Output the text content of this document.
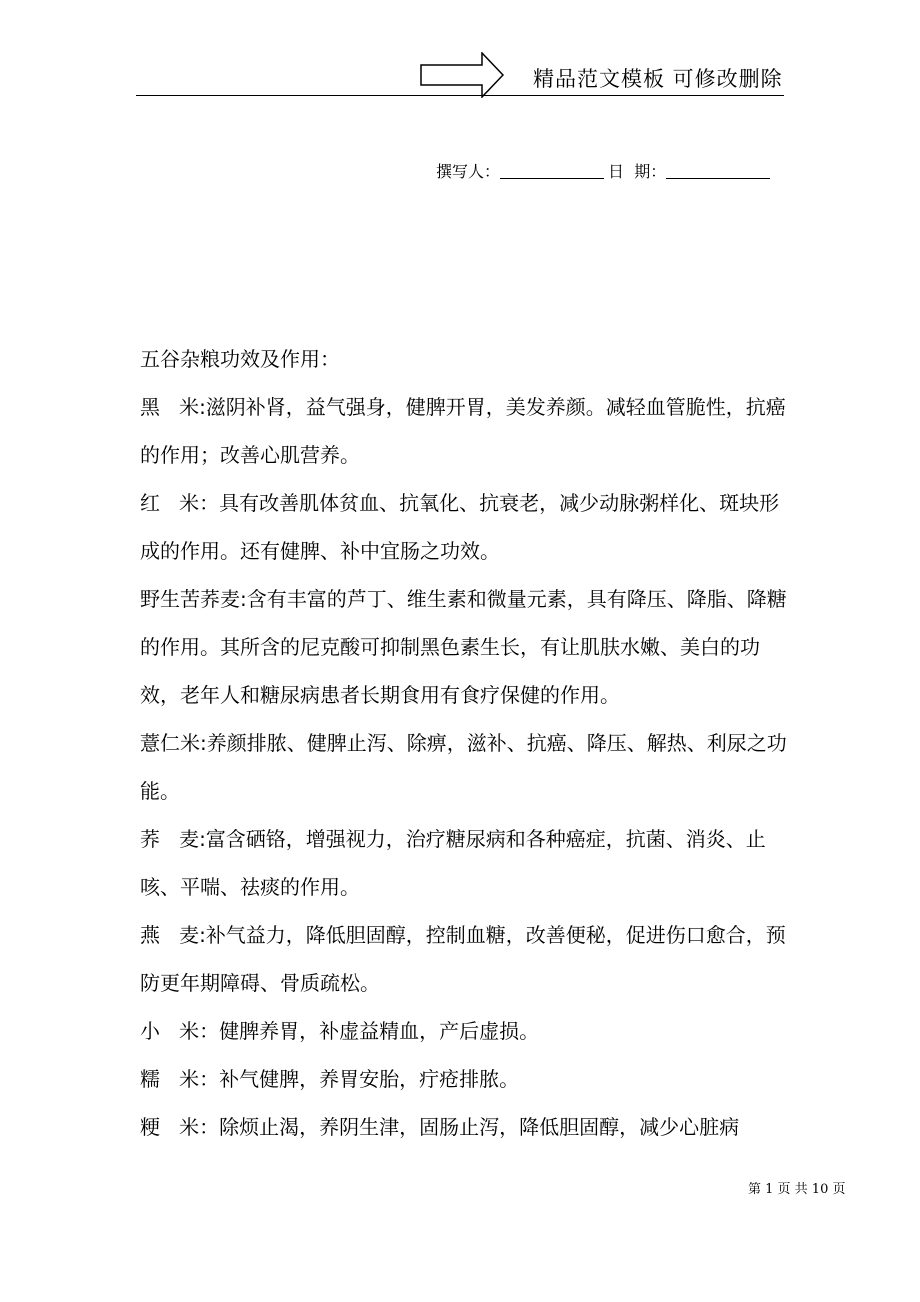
精品范文模板 可修改删除
撰写人：	日  期：

五谷杂粮功效及作用：

黑   米:滋阴补肾，益气强身，健脾开胃，美发养颜。减轻血管脆性，抗癌的作用；改善心肌营养。

红   米：具有改善肌体贫血、抗氧化、抗衰老，减少动脉粥样化、斑块形成的作用。还有健脾、补中宜肠之功效。

野生苦荞麦:含有丰富的芦丁、维生素和微量元素，具有降压、降脂、降糖的作用。其所含的尼克酸可抑制黑色素生长，有让肌肤水嫩、美白的功效，老年人和糖尿病患者长期食用有食疗保健的作用。

薏仁米:养颜排脓、健脾止泻、除痹，滋补、抗癌、降压、解热、利尿之功能。

荞   麦:富含硒铬，增强视力，治疗糖尿病和各种癌症，抗菌、消炎、止咳、平喘、祛痰的作用。

燕   麦:补气益力，降低胆固醇，控制血糖，改善便秘，促进伤口愈合，预防更年期障碍、骨质疏松。

小   米：健脾养胃，补虚益精血，产后虚损。

糯   米：补气健脾，养胃安胎，疔疮排脓。

粳   米：除烦止渴，养阴生津，固肠止泻，降低胆固醇，减少心脏病

第 1 页 共 10 页
